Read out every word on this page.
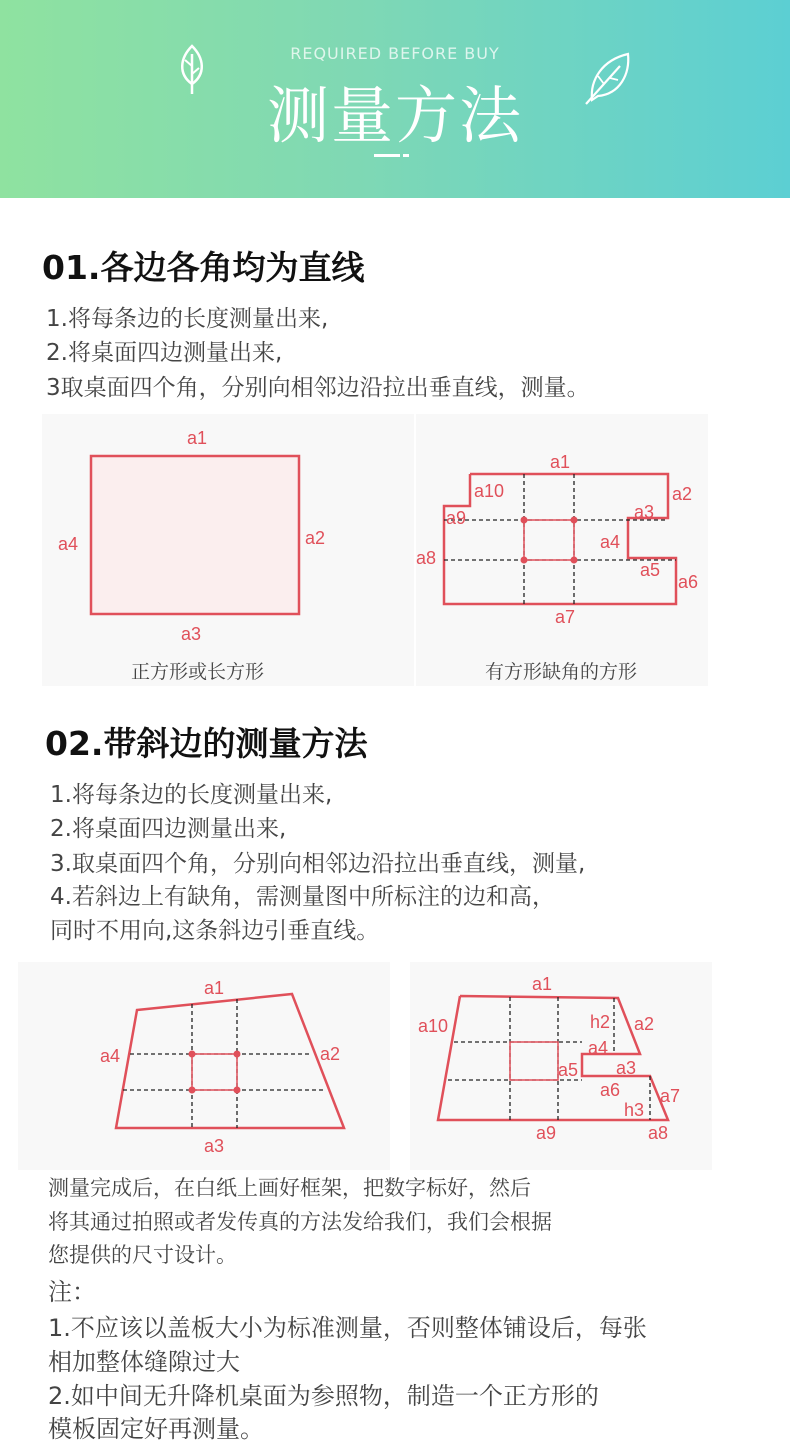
REQUIRED BEFORE BUY
测量方法
01.各边各角均为直线
1.将每条边的长度测量出来,
2.将桌面四边测量出来,
3取桌面四个角，分别向相邻边沿拉出垂直线，测量。
a1
a2
a3
a4
a1
a2
a3
a4
a5
a6
a7
a8
a9
a10
正方形或长方形	有方形缺角的方形
02.带斜边的测量方法
1.将每条边的长度测量出来,
2.将桌面四边测量出来,
3.取桌面四个角，分别向相邻边沿拉出垂直线，测量,
4.若斜边上有缺角，需测量图中所标注的边和高，
同时不用向,这条斜边引垂直线。
a1
a2
a3
a4
a1
a2
a3
a4
a5
a6 a7
a8
a9
a10	h2
h3
测量完成后，在白纸上画好框架，把数字标好，然后
将其通过拍照或者发传真的方法发给我们，我们会根据
您提供的尺寸设计。
注：
1.不应该以盖板大小为标准测量，否则整体铺设后，每张
相加整体缝隙过大
2.如中间无升降机桌面为参照物，制造一个正方形的
模板固定好再测量。
